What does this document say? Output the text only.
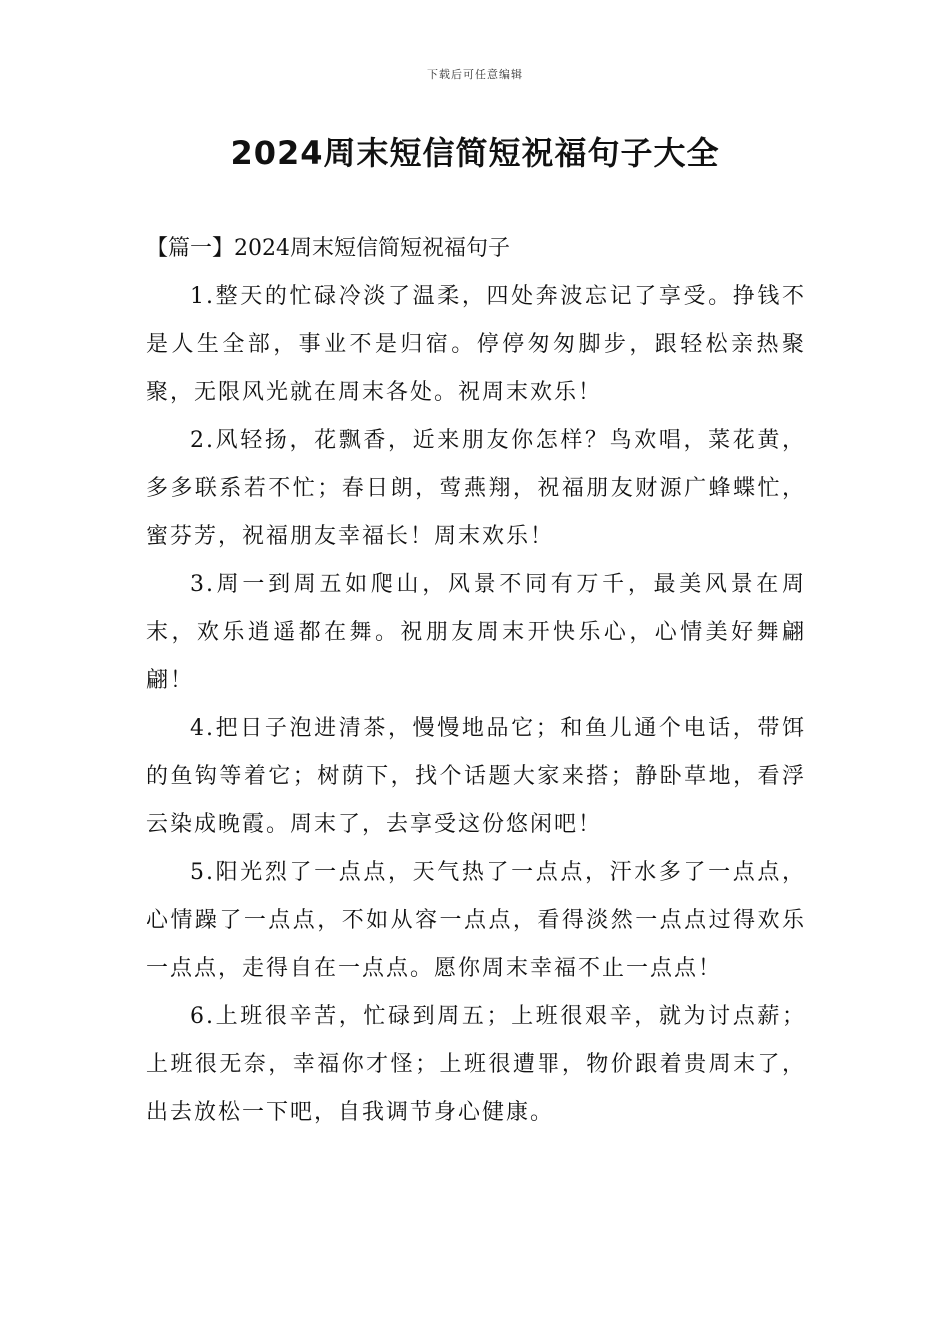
下载后可任意编辑
2024周末短信简短祝福句子大全

【篇一】2024周末短信简短祝福句子

1.整天的忙碌冷淡了温柔，四处奔波忘记了享受。挣钱不是人生全部，事业不是归宿。停停匆匆脚步，跟轻松亲热聚聚，无限风光就在周末各处。祝周末欢乐！

2.风轻扬，花飘香，近来朋友你怎样？鸟欢唱，菜花黄，多多联系若不忙；春日朗，莺燕翔，祝福朋友财源广蜂蝶忙，蜜芬芳，祝福朋友幸福长！周末欢乐！

3.周一到周五如爬山，风景不同有万千，最美风景在周末，欢乐逍遥都在舞。祝朋友周末开快乐心，心情美好舞翩翩！

4.把日子泡进清茶，慢慢地品它；和鱼儿通个电话，带饵的鱼钩等着它；树荫下，找个话题大家来搭；静卧草地，看浮云染成晚霞。周末了，去享受这份悠闲吧！

5.阳光烈了一点点，天气热了一点点，汗水多了一点点，心情躁了一点点，不如从容一点点，看得淡然一点点过得欢乐一点点，走得自在一点点。愿你周末幸福不止一点点！

6.上班很辛苦，忙碌到周五；上班很艰辛，就为讨点薪；上班很无奈，幸福你才怪；上班很遭罪，物价跟着贵周末了，出去放松一下吧，自我调节身心健康。
